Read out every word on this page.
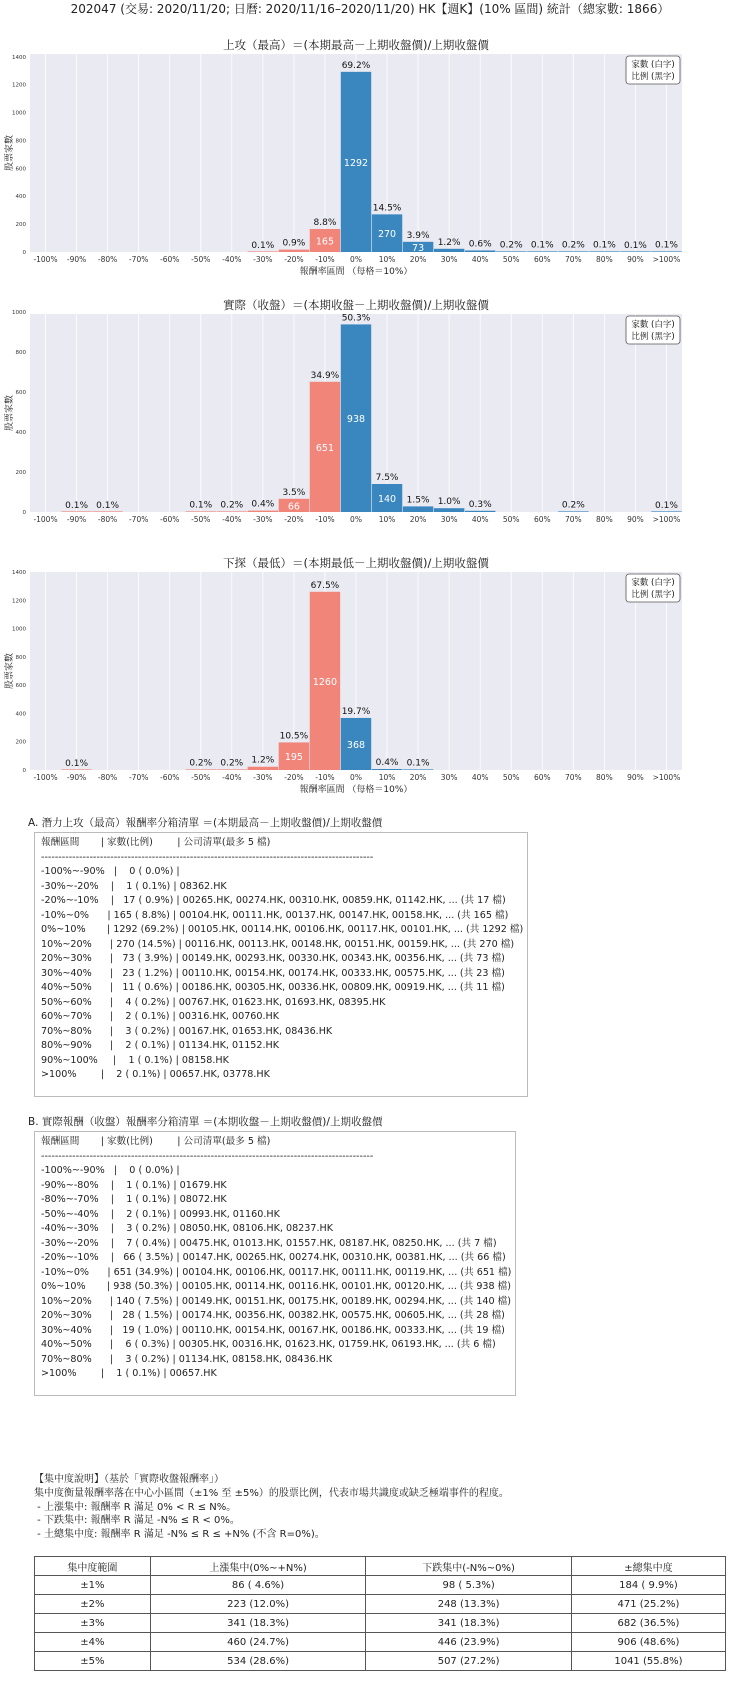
202047 (交易: 2020/11/20; 日曆: 2020/11/16–2020/11/20) HK【週K】(10% 區間) 統計（總家數: 1866）
上攻（最高）＝(本期最高－上期收盤價)/上期收盤價
0
200
400
600
800
1000
1200
1400
股票家數
0.1% 0.9% 165
8.8%
1292
69.2%
270
14.5%
73
3.9%
1.2% 0.6% 0.2% 0.1% 0.2% 0.1% 0.1% 0.1%
-100% -90% -80% -70% -60% -50% -40% -30% -20% -10% 0% 10% 20% 30% 40% 50% 60% 70% 80% 90% >100%
報酬率區間 （每格＝10%）
家數 (白字)
比例 (黑字)
實際（收盤）＝(本期收盤－上期收盤價)/上期收盤價
0
200
400
600
800
1000
股票家數
0.1% 0.1%	0.1% 0.2% 0.4% 66
3.5%
651
34.9%
938
50.3%
140
7.5%
1.5% 1.0% 0.3%	0.2%	0.1%
-100% -90% -80% -70% -60% -50% -40% -30% -20% -10% 0% 10% 20% 30% 40% 50% 60% 70% 80% 90% >100%
家數 (白字)
比例 (黑字)
下探（最低）＝(本期最低－上期收盤價)/上期收盤價
0
200
400
600
800
1000
1200
1400
股票家數
0.1%	0.2% 0.2% 1.2% 195
10.5%
1260
67.5%
368
19.7%
0.4% 0.1%
-100% -90% -80% -70% -60% -50% -40% -30% -20% -10% 0% 10% 20% 30% 40% 50% 60% 70% 80% 90% >100%
報酬率區間 （每格＝10%）
家數 (白字)
比例 (黑字)
A. 潛力上攻（最高）報酬率分箱清單 ＝(本期最高－上期收盤價)/上期收盤價
報酬區間       | 家數(比例)        | 公司清單(最多 5 檔)
------------------------------------------------------------------------------------------------
-100%~-90%   |    0 ( 0.0%) |
-30%~-20%    |    1 ( 0.1%) | 08362.HK
-20%~-10%    |   17 ( 0.9%) | 00265.HK, 00274.HK, 00310.HK, 00859.HK, 01142.HK, ... (共 17 檔)
-10%~0%      | 165 ( 8.8%) | 00104.HK, 00111.HK, 00137.HK, 00147.HK, 00158.HK, ... (共 165 檔)
0%~10%       | 1292 (69.2%) | 00105.HK, 00114.HK, 00106.HK, 00117.HK, 00101.HK, ... (共 1292 檔)
10%~20%      | 270 (14.5%) | 00116.HK, 00113.HK, 00148.HK, 00151.HK, 00159.HK, ... (共 270 檔)
20%~30%      |   73 ( 3.9%) | 00149.HK, 00293.HK, 00330.HK, 00343.HK, 00356.HK, ... (共 73 檔)
30%~40%      |   23 ( 1.2%) | 00110.HK, 00154.HK, 00174.HK, 00333.HK, 00575.HK, ... (共 23 檔)
40%~50%      |   11 ( 0.6%) | 00186.HK, 00305.HK, 00336.HK, 00809.HK, 00919.HK, ... (共 11 檔)
50%~60%      |    4 ( 0.2%) | 00767.HK, 01623.HK, 01693.HK, 08395.HK
60%~70%      |    2 ( 0.1%) | 00316.HK, 00760.HK
70%~80%      |    3 ( 0.2%) | 00167.HK, 01653.HK, 08436.HK
80%~90%      |    2 ( 0.1%) | 01134.HK, 01152.HK
90%~100%     |    1 ( 0.1%) | 08158.HK
>100%        |    2 ( 0.1%) | 00657.HK, 03778.HK
B. 實際報酬（收盤）報酬率分箱清單 ＝(本期收盤－上期收盤價)/上期收盤價
報酬區間       | 家數(比例)        | 公司清單(最多 5 檔)
------------------------------------------------------------------------------------------------
-100%~-90%   |    0 ( 0.0%) |
-90%~-80%    |    1 ( 0.1%) | 01679.HK
-80%~-70%    |    1 ( 0.1%) | 08072.HK
-50%~-40%    |    2 ( 0.1%) | 00993.HK, 01160.HK
-40%~-30%    |    3 ( 0.2%) | 08050.HK, 08106.HK, 08237.HK
-30%~-20%    |    7 ( 0.4%) | 00475.HK, 01013.HK, 01557.HK, 08187.HK, 08250.HK, ... (共 7 檔)
-20%~-10%    |   66 ( 3.5%) | 00147.HK, 00265.HK, 00274.HK, 00310.HK, 00381.HK, ... (共 66 檔)
-10%~0%      | 651 (34.9%) | 00104.HK, 00106.HK, 00117.HK, 00111.HK, 00119.HK, ... (共 651 檔)
0%~10%       | 938 (50.3%) | 00105.HK, 00114.HK, 00116.HK, 00101.HK, 00120.HK, ... (共 938 檔)
10%~20%      | 140 ( 7.5%) | 00149.HK, 00151.HK, 00175.HK, 00189.HK, 00294.HK, ... (共 140 檔)
20%~30%      |   28 ( 1.5%) | 00174.HK, 00356.HK, 00382.HK, 00575.HK, 00605.HK, ... (共 28 檔)
30%~40%      |   19 ( 1.0%) | 00110.HK, 00154.HK, 00167.HK, 00186.HK, 00333.HK, ... (共 19 檔)
40%~50%      |    6 ( 0.3%) | 00305.HK, 00316.HK, 01623.HK, 01759.HK, 06193.HK, ... (共 6 檔)
70%~80%      |    3 ( 0.2%) | 01134.HK, 08158.HK, 08436.HK
>100%        |    1 ( 0.1%) | 00657.HK
【集中度說明】（基於「實際收盤報酬率」）
集中度衡量報酬率落在中心小區間（±1% 至 ±5%）的股票比例，代表市場共識度或缺乏極端事件的程度。
- 上漲集中: 報酬率 R 滿足 0% < R ≤ N%。
- 下跌集中: 報酬率 R 滿足 -N% ≤ R < 0%。
- 土總集中度: 報酬率 R 滿足 -N% ≤ R ≤ +N% (不含 R=0%)。
集中度範圍	上漲集中(0%~+N%)	下跌集中(-N%~0%)	±總集中度
±1%	86 ( 4.6%)	98 ( 5.3%)	184 ( 9.9%)
±2%	223 (12.0%)	248 (13.3%)	471 (25.2%)
±3%	341 (18.3%)	341 (18.3%)	682 (36.5%)
±4%	460 (24.7%)	446 (23.9%)	906 (48.6%)
±5%	534 (28.6%)	507 (27.2%)	1041 (55.8%)
